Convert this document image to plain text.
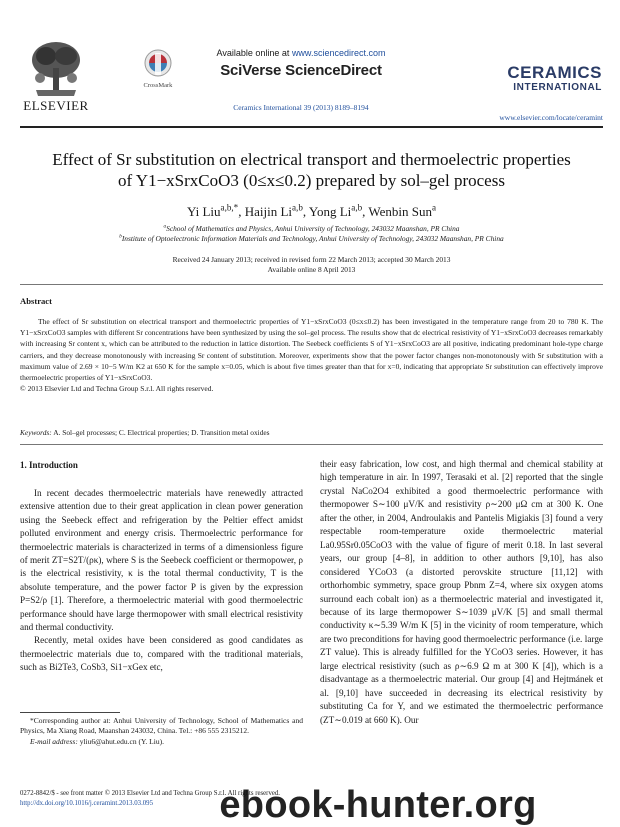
ELSEVIER
CrossMark
Available online at www.sciencedirect.com
SciVerse ScienceDirect
Ceramics International 39 (2013) 8189–8194
CERAMICS
INTERNATIONAL
www.elsevier.com/locate/ceramint
Effect of Sr substitution on electrical transport and thermoelectric properties
of Y1−xSrxCoO3 (0≤x≤0.2) prepared by sol–gel process
Yi Liu$^{a,b,*}$, Haijin Li$^{a,b}$, Yong Li$^{a,b}$, Wenbin Sun$^a$
$^a$School of Mathematics and Physics, Anhui University of Technology, 243032 Maanshan, PR China
$^b$Institute of Optoelectronic Information Materials and Technology, Anhui University of Technology, 243032 Maanshan, PR China
Received 24 January 2013; received in revised form 22 March 2013; accepted 30 March 2013
Available online 8 April 2013
Abstract
The effect of Sr substitution on electrical transport and thermoelectric properties of Y1−xSrxCoO3 (0≤x≤0.2) has been investigated in the temperature range from 20 to 780 K. The Y1−xSrxCoO3 samples with different Sr concentrations have been synthesized by using the sol–gel process. The results show that dc electrical resistivity of Y1−xSrxCoO3 decreases remarkably with increasing Sr content x, which can be attributed to the reduction in lattice distortion. The Seebeck coefficients S of Y1−xSrxCoO3 are all positive, indicating predominant hole-type charge carriers, and they decrease monotonously with increasing Sr content of substitution. Moreover, experiments show that the power factor changes non-monotonously with Sr substitution with a maximum value of 2.69 × 10−5 W/m K2 at 650 K for the sample x=0.05, which is about five times greater than that for x=0, indicating that appropriate Sr substitution can effectively improve thermoelectric properties of Y1−xSrxCoO3.
© 2013 Elsevier Ltd and Techna Group S.r.l. All rights reserved.
Keywords: A. Sol–gel processes; C. Electrical properties; D. Transition metal oxides
1. Introduction
In recent decades thermoelectric materials have renewedly attracted extensive attention due to their great application in clean power generation using the Seebeck effect and refrigeration by the Peltier effect amidst polluted environment and energy crisis. Thermoelectric performance for thermoelectric materials is characterized in terms of a dimensionless figure of merit ZT=S2T/(ρκ), where S is the Seebeck coefficient or thermopower, ρ is the electrical resistivity, κ is the total thermal conductivity, T is the absolute temperature, and the power factor P is given by the expression P=S2/ρ [1]. Therefore, a thermoelectric material with good thermoelectric performance should have large thermopower with small electrical resistivity and thermal conductivity.
Recently, metal oxides have been considered as good candidates as thermoelectric materials due to, compared with the traditional materials, such as Bi2Te3, CoSb3, Si1−xGex etc,
their easy fabrication, low cost, and high thermal and chemical stability at high temperature in air. In 1997, Terasaki et al. [2] reported that the single crystal NaCo2O4 exhibited a good thermoelectric performance with thermopower S∼100 μV/K and resistivity ρ∼200 μΩ cm at 300 K. One after the other, in 2004, Androulakis and Pantelis Migiakis [3] found a very respectable room-temperature oxide thermoelectric material La0.95Sr0.05CoO3 with the value of figure of merit 0.18. In last several years, our group [4–8], in addition to other authors [9,10], has also considered YCoO3 (a distorted perovskite structure [11,12] with orthorhombic symmetry, space group Pbnm Z=4, where six oxygen atoms surround each cobalt ion) as a thermoelectric material and investigated it, because of its large thermopower S∼1039 μV/K [5] and small thermal conductivity κ∼5.39 W/m K [5] in the vicinity of room temperature, which are two preconditions for having good thermoelectric performance (i.e. large ZT value). This is already fulfilled for the YCoO3 series. However, it has large electrical resistivity (such as ρ∼6.9 Ω m at 300 K [4]), which is a disadvantage as a thermoelectric material. Our group [4] and Hejtmánek et al. [9,10] have succeeded in decreasing its electrical resistivity by substituting Ca for Y, and we estimated the thermoelectric performance (ZT∼0.019 at 660 K). Our
*Corresponding author at: Anhui University of Technology, School of Mathematics and Physics, Ma Xiang Road, Maanshan 243032, China. Tel.: +86 555 2315212.
E-mail address: yliu6@ahut.edu.cn (Y. Liu).
0272-8842/$ - see front matter © 2013 Elsevier Ltd and Techna Group S.r.l. All rights reserved.
http://dx.doi.org/10.1016/j.ceramint.2013.03.095	ebook-hunter.org
